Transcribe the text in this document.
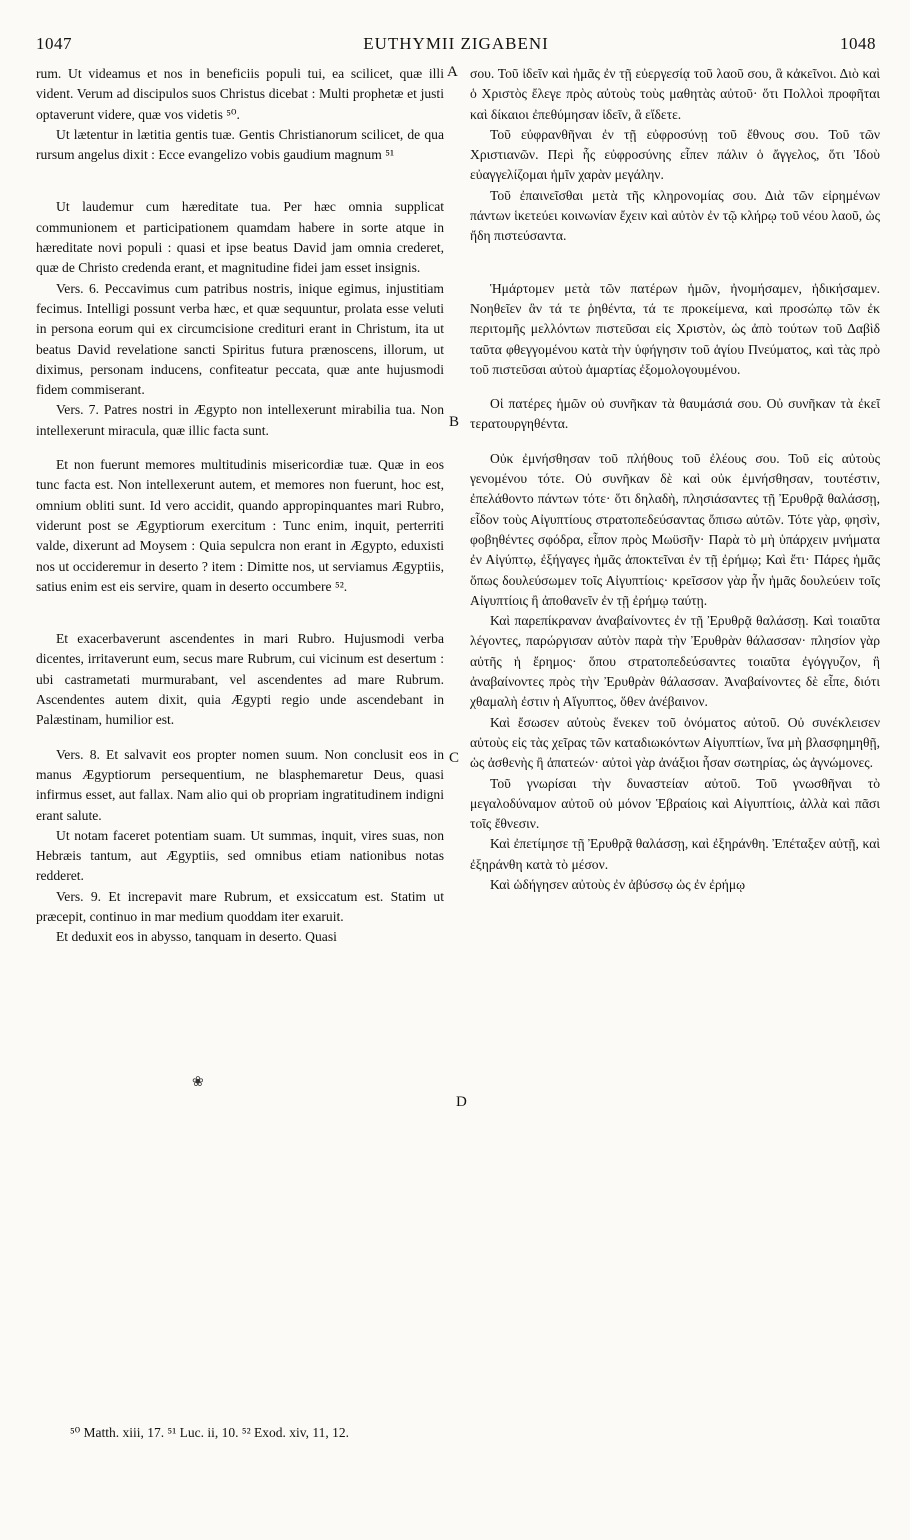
1047	EUTHYMII ZIGABENI	1048

rum. Ut videamus et nos in beneficiis populi tui, ea scilicet, quæ illi vident. Verum ad discipulos suos Christus dicebat : Multi prophetæ et justi optaverunt videre, quæ vos videtis ⁵⁰.

Ut lætentur in lætitia gentis tuæ. Gentis Christianorum scilicet, de qua rursum angelus dixit : Ecce evangelizo vobis gaudium magnum ⁵¹

Ut laudemur cum hæreditate tua. Per hæc omnia supplicat communionem et participationem quamdam habere in sorte atque in hæreditate novi populi : quasi et ipse beatus David jam omnia crederet, quæ de Christo credenda erant, et magnitudine fidei jam esset insignis.

Vers. 6. Peccavimus cum patribus nostris, inique egimus, injustitiam fecimus. Intelligi possunt verba hæc, et quæ sequuntur, prolata esse veluti in persona eorum qui ex circumcisione crediturі erant in Christum, ita ut beatus David revelatione sancti Spiritus futura prænoscens, illorum, ut diximus, personam inducens, confiteatur peccata, quæ ante hujusmodi fidem commiserant.

Vers. 7. Patres nostri in Ægypto non intellexerunt mirabilia tua. Non intellexerunt miracula, quæ illic facta sunt.

Et non fuerunt memores multitudinis misericordiæ tuæ. Quæ in eos tunc facta est. Non intellexerunt autem, et memores non fuerunt, hoc est, omnium obliti sunt. Id vero accidit, quando appropinquantes mari Rubro, viderunt post se Ægyptiorum exercitum : Tunc enim, inquit, perterriti valde, dixerunt ad Moysem : Quia sepulcra non erant in Ægypto, eduxisti nos ut occideremur in deserto ? item : Dimitte nos, ut serviamus Ægyptiis, satius enim est eis servire, quam in deserto occumbere ⁵².

Et exacerbaverunt ascendentes in mari Rubro. Hujusmodi verba dicentes, irritaverunt eum, secus mare Rubrum, cui vicinum est desertum : ubi castrametati murmurabant, vel ascendentes ad mare Rubrum. Ascendentes autem dixit, quia Ægypti regio unde ascendebant in Palæstinam, humilior est.

Vers. 8. Et salvavit eos propter nomen suum. Non conclusit eos in manus Ægyptiorum persequentium, ne blasphemaretur Deus, quasi infirmus esset, aut fallax. Nam alio qui ob propriam ingratitudinem indigni erant salute.

Ut notam faceret potentiam suam. Ut summas, inquit, vires suas, non Hebræis tantum, aut Ægyptiis, sed omnibus etiam nationibus notas redderet.

Vers. 9. Et increpavit mare Rubrum, et exsiccatum est. Statim ut præcepit, continuo in mar medium quoddam iter exaruit.

Et deduxit eos in abysso, tanquam in deserto. Quasi

σου. Τοῦ ἰδεῖν καὶ ἡμᾶς ἐν τῇ εὐεργεσίᾳ τοῦ λαοῦ σου, ἃ κἀκεῖνοι. Διὸ καὶ ὁ Χριστὸς ἔλεγε πρὸς αὐτοὺς τοὺς μαθητὰς αὐτοῦ· ὅτι Πολλοὶ προφῆται καὶ δίκαιοι ἐπεθύμησαν ἰδεῖν, ἃ εἴδετε.

Τοῦ εὐφρανθῆναι ἐν τῇ εὐφροσύνῃ τοῦ ἔθνους σου. Τοῦ τῶν Χριστιανῶν. Περὶ ἧς εὐφροσύνης εἶπεν πάλιν ὁ ἄγγελος, ὅτι Ἰδοὺ εὐαγγελίζομαι ἡμῖν χαρὰν μεγάλην.

Τοῦ ἐπαινεῖσθαι μετὰ τῆς κληρονομίας σου. Διὰ τῶν εἰρημένων πάντων ἱκετεύει κοινωνίαν ἔχειν καὶ αὐτὸν ἐν τῷ κλήρῳ τοῦ νέου λαοῦ, ὡς ἤδη πιστεύσαντα.

Ἡμάρτομεν μετὰ τῶν πατέρων ἡμῶν, ἠνομήσαμεν, ἠδικήσαμεν. Νοηθεῖεν ἂν τά τε ῥηθέντα, τά τε προκείμενα, καὶ προσώπῳ τῶν ἐκ περιτομῆς μελλόντων πιστεῦσαι εἰς Χριστὸν, ὡς ἀπὸ τούτων τοῦ Δαβὶδ ταῦτα φθεγγομένου κατὰ τὴν ὑφήγησιν τοῦ ἁγίου Πνεύματος, καὶ τὰς πρὸ τοῦ πιστεῦσαι αὐτοὺ ἁμαρτίας ἐξομολογουμένου.

Οἱ πατέρες ἡμῶν οὐ συνῆκαν τὰ θαυμάσιά σου. Οὐ συνῆκαν τὰ ἐκεῖ τερατουργηθέντα.

Οὐκ ἐμνήσθησαν τοῦ πλήθους τοῦ ἐλέους σου. Τοῦ εἰς αὐτοὺς γενομένου τότε. Οὐ συνῆκαν δὲ καὶ οὐκ ἐμνήσθησαν, τουτέστιν, ἐπελάθοντο πάντων τότε· ὅτι δηλαδὴ, πλησιάσαντες τῇ Ἐρυθρᾷ θαλάσσῃ, εἶδον τοὺς Αἰγυπτίους στρατοπεδεύσαντας ὄπισω αὐτῶν. Τότε γὰρ, φησὶν, φοβηθέντες σφόδρα, εἶπον πρὸς Μωϋσῆν· Παρὰ τὸ μὴ ὑπάρχειν μνήματα ἐν Αἰγύπτῳ, ἐξήγαγες ἡμᾶς ἀποκτεῖναι ἐν τῇ ἐρήμῳ; Καὶ ἔτι· Πάρες ἡμᾶς ὅπως δουλεύσωμεν τοῖς Αἰγυπτίοις· κρεῖσσον γὰρ ἦν ἡμᾶς δουλεύειν τοῖς Αἰγυπτίοις ἢ ἀποθανεῖν ἐν τῇ ἐρήμῳ ταύτῃ.

Καὶ παρεπίκραναν ἀναβαίνοντες ἐν τῇ Ἐρυθρᾷ θαλάσσῃ. Καὶ τοιαῦτα λέγοντες, παρώργισαν αὐτὸν παρὰ τὴν Ἐρυθρὰν θάλασσαν· πλησίον γὰρ αὐτῆς ἡ ἔρημος· ὅπου στρατοπεδεύσαντες τοιαῦτα ἐγόγγυζον, ἢ ἀναβαίνοντες πρὸς τὴν Ἐρυθρὰν θάλασσαν. Ἀναβαίνοντες δὲ εἶπε, διότι χθαμαλὴ ἐστιν ἡ Αἴγυπτος, ὅθεν ἀνέβαινον.

Καὶ ἔσωσεν αὐτοὺς ἕνεκεν τοῦ ὀνόματος αὐτοῦ. Οὐ συνέκλεισεν αὐτοὺς εἰς τὰς χεῖρας τῶν καταδιωκόντων Αἰγυπτίων, ἵνα μὴ βλασφημηθῇ, ὡς ἀσθενὴς ἢ ἀπατεών· αὐτοὶ γὰρ ἀνάξιοι ἦσαν σωτηρίας, ὡς ἀγνώμονες.

Τοῦ γνωρίσαι τὴν δυναστείαν αὐτοῦ. Τοῦ γνωσθῆναι τὸ μεγαλοδύναμον αὐτοῦ οὐ μόνον Ἑβραίοις καὶ Αἰγυπτίοις, ἀλλὰ καὶ πᾶσι τοῖς ἔθνεσιν.

Καὶ ἐπετίμησε τῇ Ἐρυθρᾷ θαλάσσῃ, καὶ ἐξηράνθη. Ἐπέταξεν αὐτῇ, καὶ ἐξηράνθη κατὰ τὸ μέσον.

Καὶ ὡδήγησεν αὐτοὺς ἐν ἀβύσσῳ ὡς ἐν ἐρήμῳ

A
B
C
D
❀
⁵⁰ Matth. xiii, 17. ⁵¹ Luc. ii, 10. ⁵² Exod. xiv, 11, 12.
